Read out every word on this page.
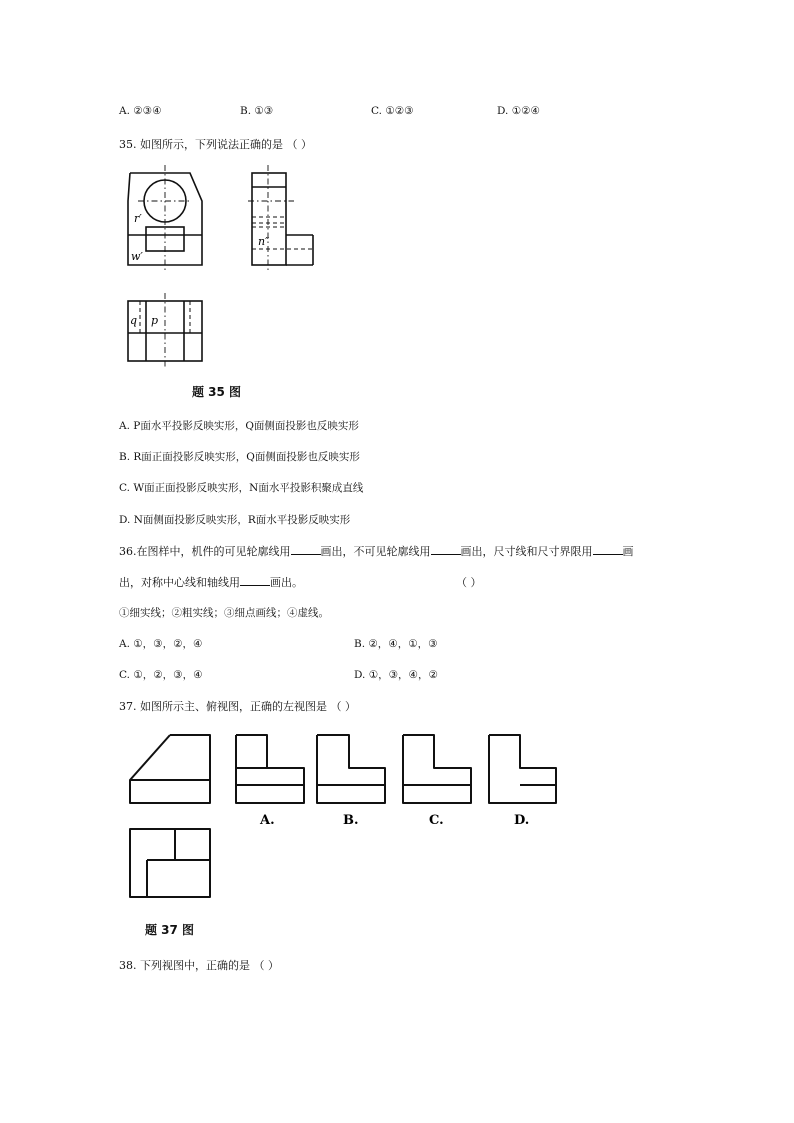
A. ②③④	B. ①③	C. ①②③	D. ①②④
35. 如图所示，下列说法正确的是 （ ）
r′
w′
n″
q p
题 35 图
A. P面水平投影反映实形，Q面侧面投影也反映实形
B. R面正面投影反映实形，Q面侧面投影也反映实形
C. W面正面投影反映实形，N面水平投影积聚成直线
D. N面侧面投影反映实形，R面水平投影反映实形
36.在图样中，机件的可见轮廓线用	画出，不可见轮廓线用	画出，尺寸线和尺寸界限用	画
出，对称中心线和轴线用	画出。	（ ）
①细实线；②粗实线；③细点画线；④虚线。
A. ①，③，②，④	B. ②，④，①，③
C. ①，②，③，④	D. ①，③，④，②
37. 如图所示主、俯视图，正确的左视图是 （ ）
A.	B.	C.	D.
题 37 图
38. 下列视图中，正确的是 （ ）
